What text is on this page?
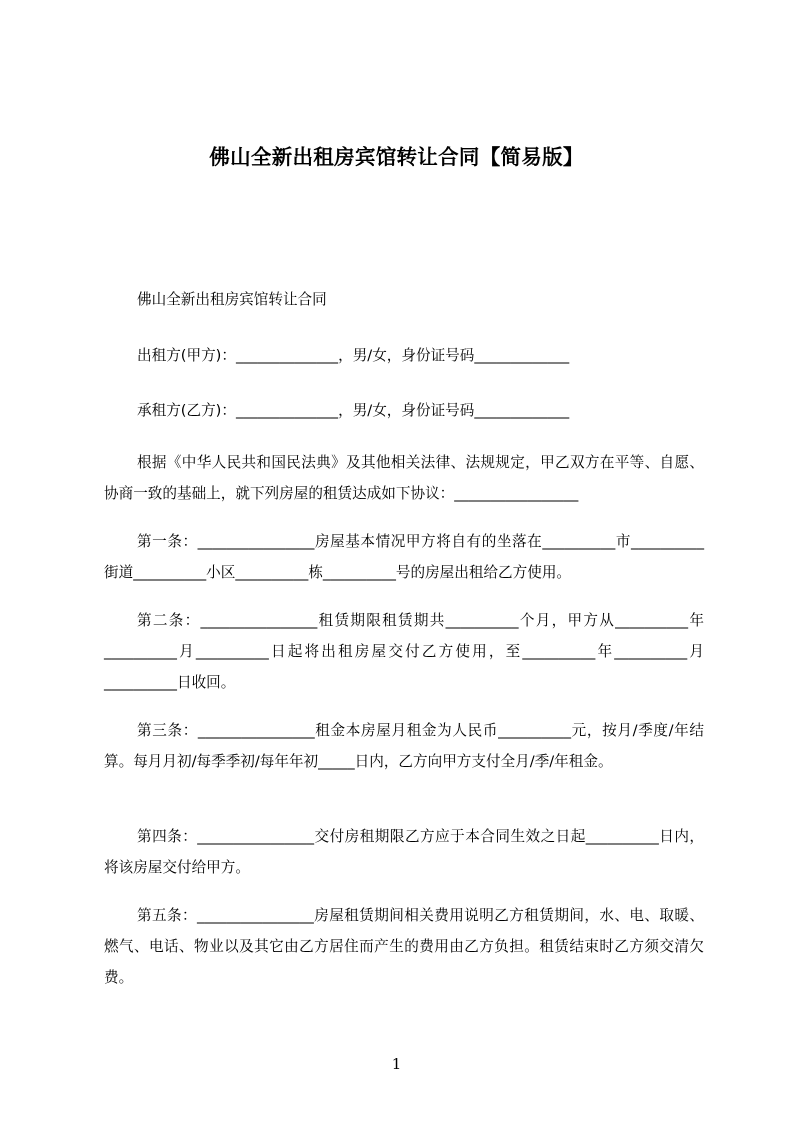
佛山全新出租房宾馆转让合同【简易版】
佛山全新出租房宾馆转让合同
出租方(甲方)：______________，男/女，身份证号码_____________
承租方(乙方)：______________，男/女，身份证号码_____________
根据《中华人民共和国民法典》及其他相关法律、法规规定，甲乙双方在平等、自愿、协商一致的基础上，就下列房屋的租赁达成如下协议：_________________
第一条：________________房屋基本情况甲方将自有的坐落在__________市__________街道__________小区__________栋__________号的房屋出租给乙方使用。
第二条：________________租赁期限租赁期共__________个月，甲方从__________年__________月__________日起将出租房屋交付乙方使用，至__________年__________月__________日收回。
第三条：________________租金本房屋月租金为人民币__________元，按月/季度/年结算。每月月初/每季季初/每年年初_____日内，乙方向甲方支付全月/季/年租金。
第四条：________________交付房租期限乙方应于本合同生效之日起__________日内，将该房屋交付给甲方。
第五条：________________房屋租赁期间相关费用说明乙方租赁期间，水、电、取暖、燃气、电话、物业以及其它由乙方居住而产生的费用由乙方负担。租赁结束时乙方须交清欠费。
1
